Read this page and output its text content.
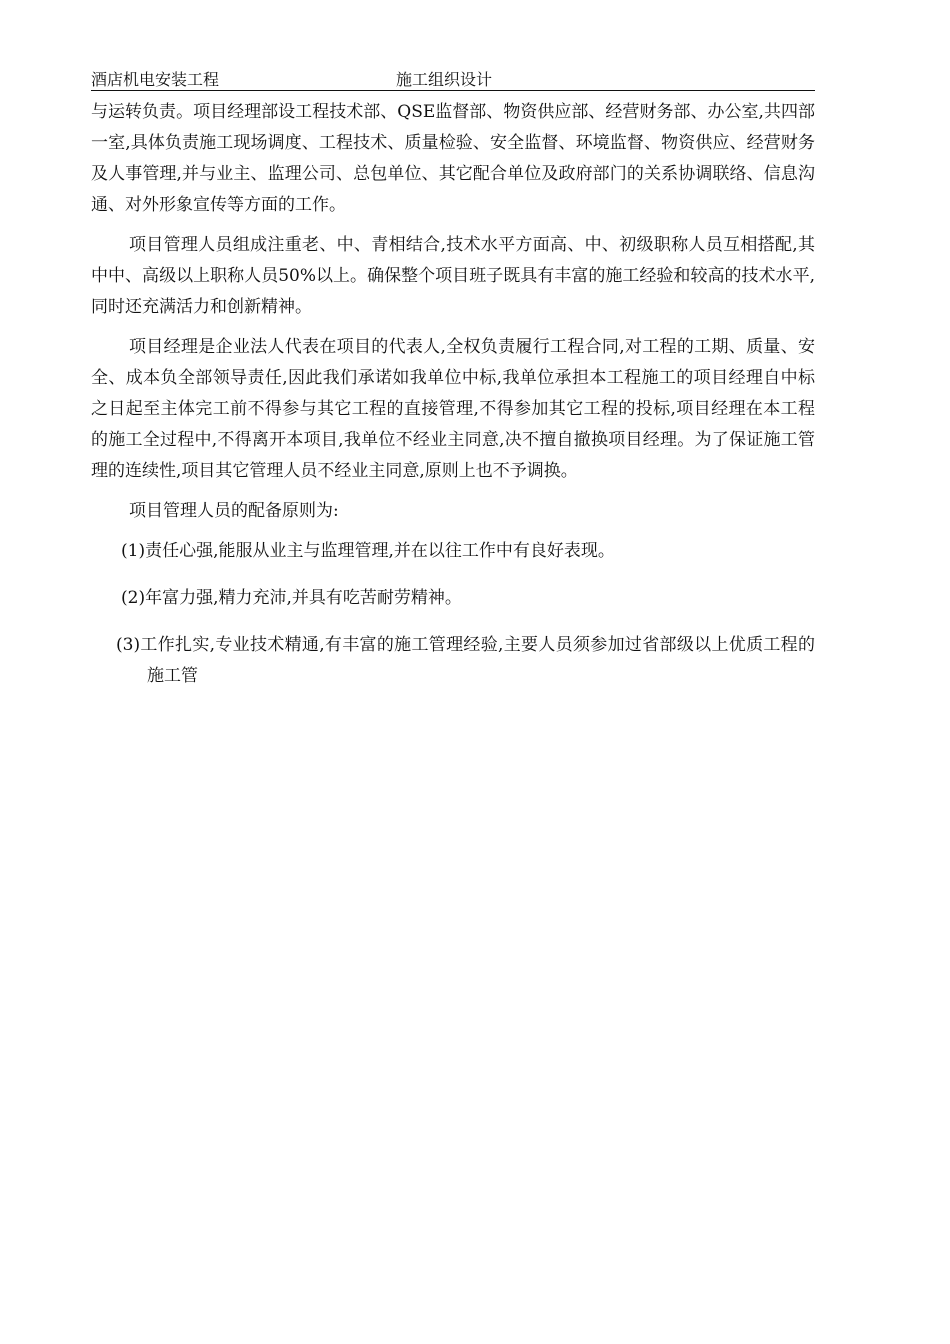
酒店机电安装工程	施工组织设计

与运转负责。项目经理部设工程技术部、QSE监督部、物资供应部、经营财务部、办公室,共四部一室,具体负责施工现场调度、工程技术、质量检验、安全监督、环境监督、物资供应、经营财务及人事管理,并与业主、监理公司、总包单位、其它配合单位及政府部门的关系协调联络、信息沟通、对外形象宣传等方面的工作。

项目管理人员组成注重老、中、青相结合,技术水平方面高、中、初级职称人员互相搭配,其中中、高级以上职称人员50%以上。确保整个项目班子既具有丰富的施工经验和较高的技术水平,同时还充满活力和创新精神。

项目经理是企业法人代表在项目的代表人,全权负责履行工程合同,对工程的工期、质量、安全、成本负全部领导责任,因此我们承诺如我单位中标,我单位承担本工程施工的项目经理自中标之日起至主体完工前不得参与其它工程的直接管理,不得参加其它工程的投标,项目经理在本工程的施工全过程中,不得离开本项目,我单位不经业主同意,决不擅自撤换项目经理。为了保证施工管理的连续性,项目其它管理人员不经业主同意,原则上也不予调换。

项目管理人员的配备原则为:

(1)责任心强,能服从业主与监理管理,并在以往工作中有良好表现。

(2)年富力强,精力充沛,并具有吃苦耐劳精神。

(3)工作扎实,专业技术精通,有丰富的施工管理经验,主要人员须参加过省部级以上优质工程的施工管
